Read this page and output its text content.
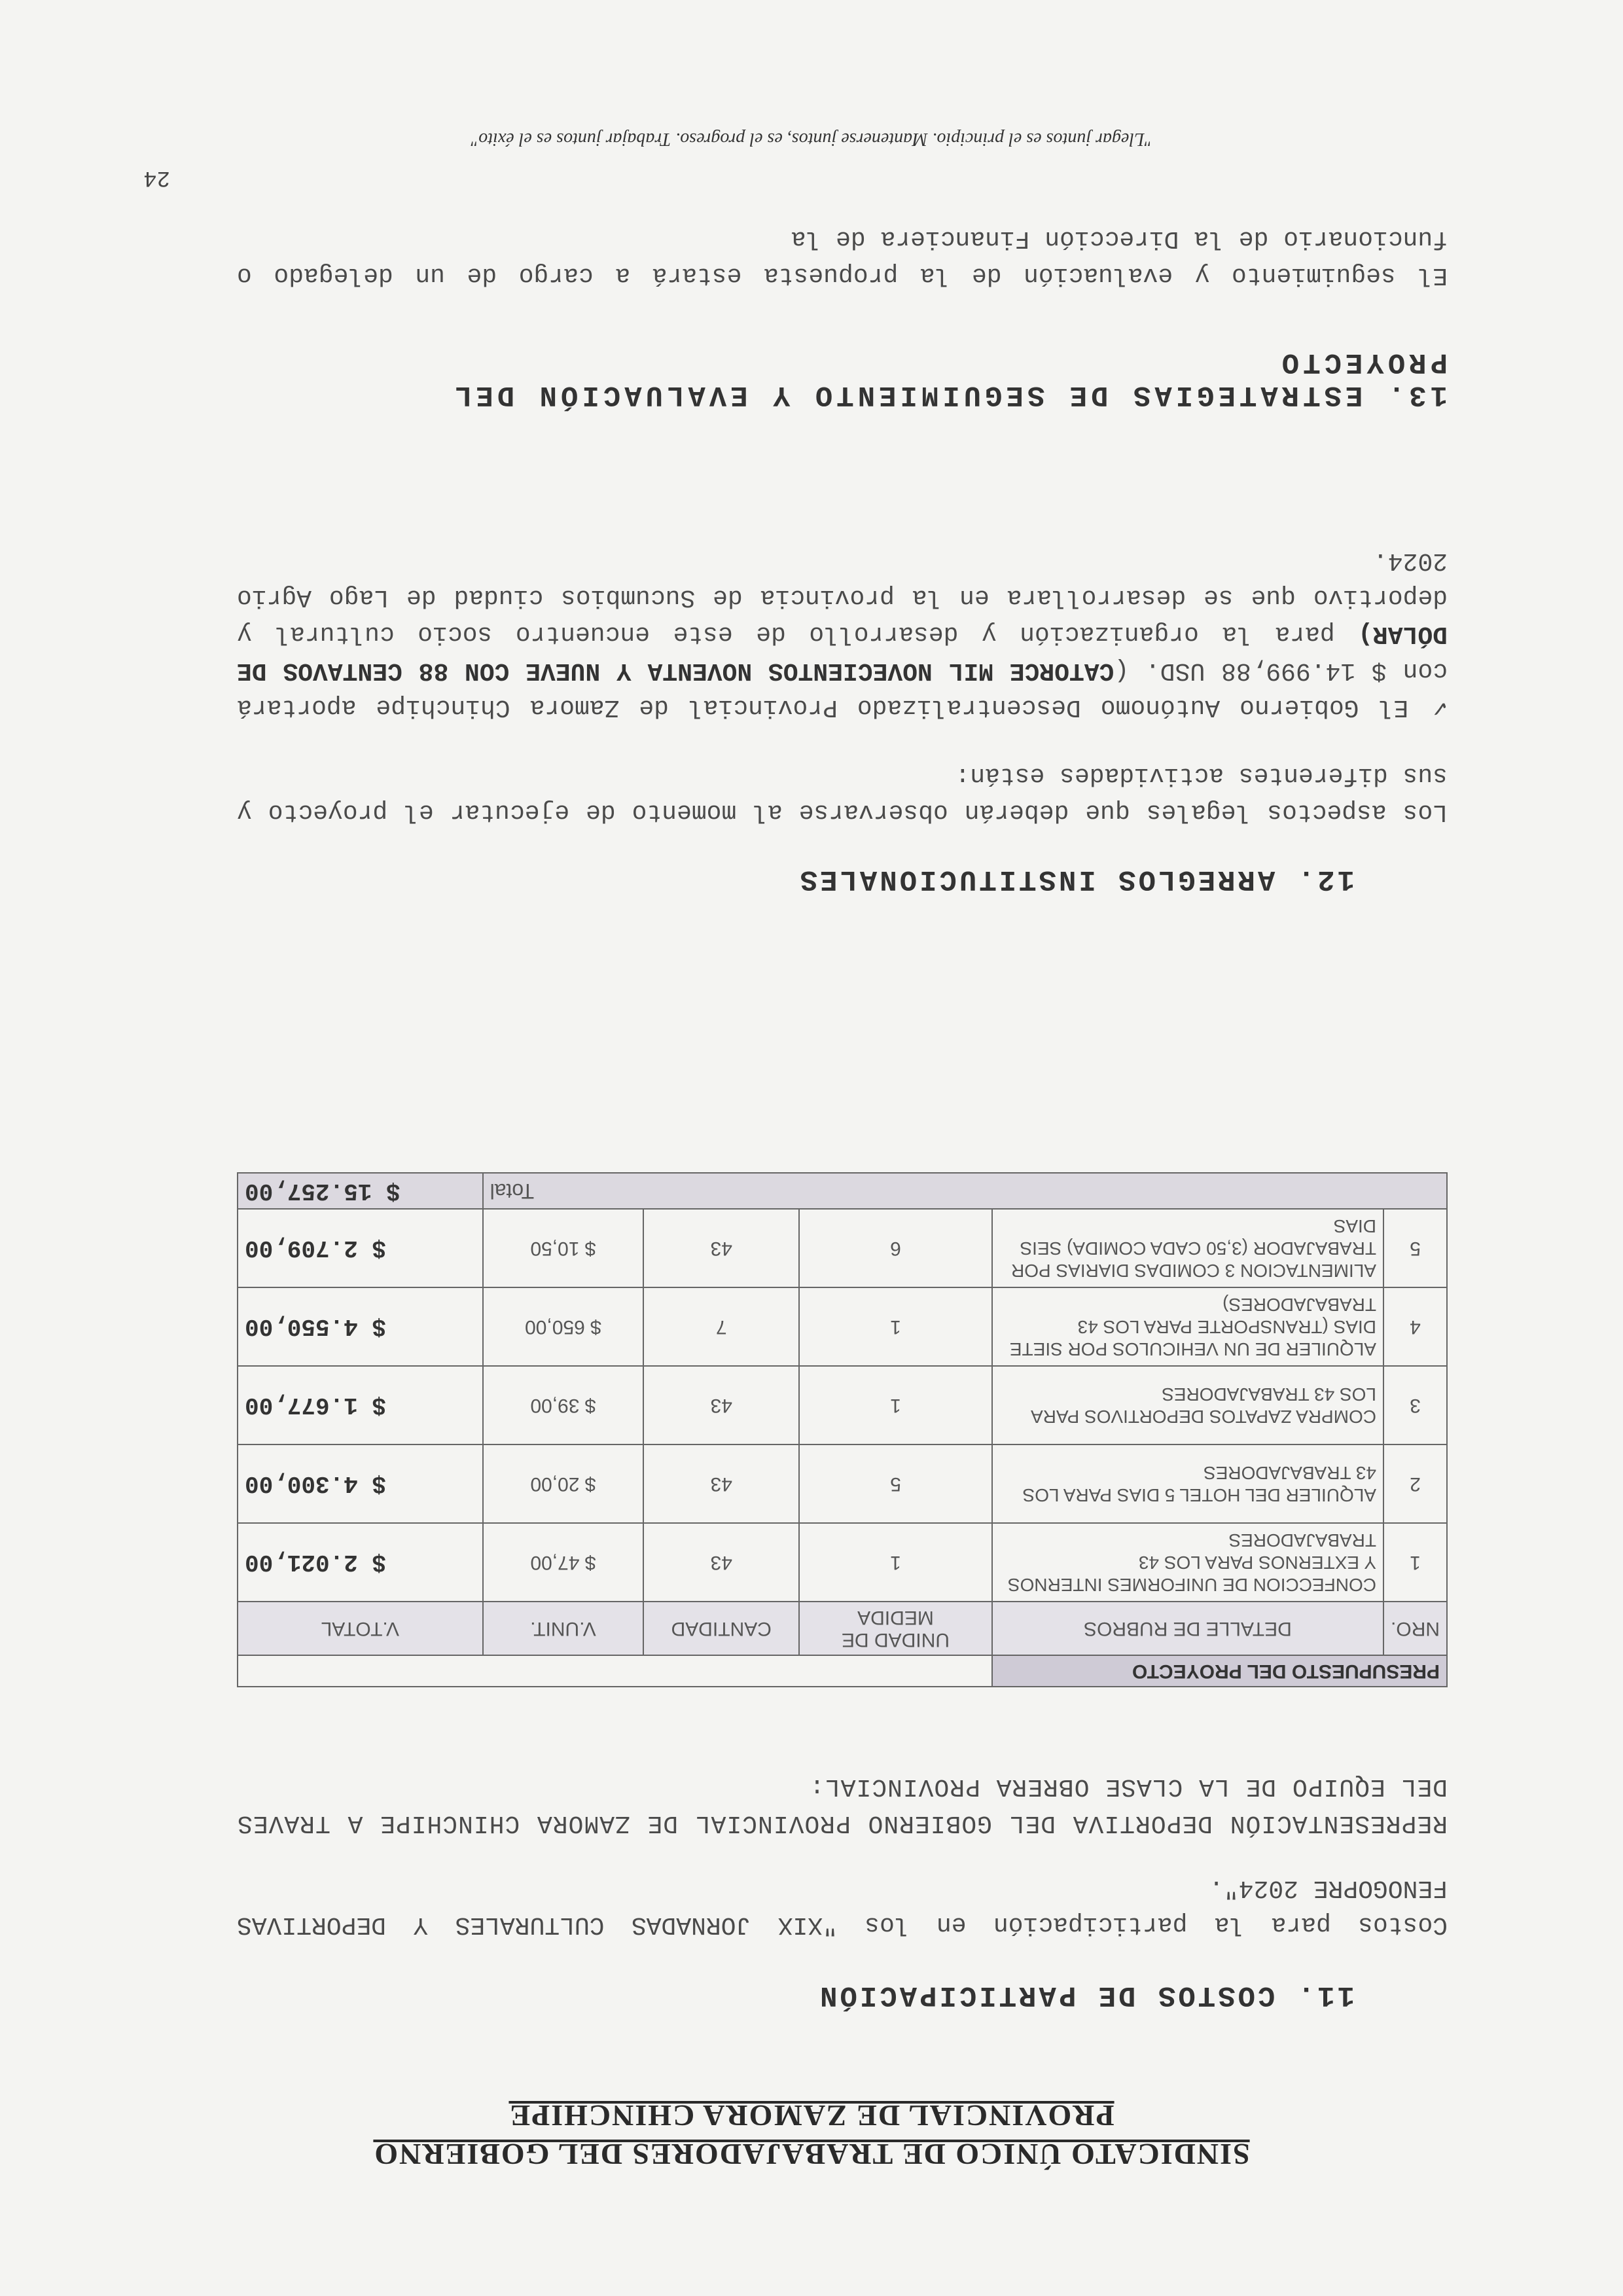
SINDICATO ÚNICO DE TRABAJADORES DEL GOBIERNO
PROVINCIAL DE ZAMORA CHINCHIPE
11. COSTOS DE PARTICIPACIÓN
Costos para la participación en los "XIX JORNADAS CULTURALES Y DEPORTIVAS FENOGOPRE 2024".
REPRESENTACIÓN DEPORTIVA DEL GOBIERNO PROVINCIAL DE ZAMORA CHINCHIPE A TRAVES DEL EQUIPO DE LA CLASE OBRERA PROVINCIAL:
PRESUPUESTO DEL PROYECTO					
NRO.	DETALLE DE RUBROS	UNIDAD DE MEDIDA	CANTIDAD	V.UNIT.	V.TOTAL
1	CONFECCION DE UNIFORMES INTERNOS Y EXTERNOS PARA LOS 43 TRABAJADORES	1	43	$ 47,00	$ 2.021,00
2	ALQUILER DEL HOTEL 5 DIAS PARA LOS 43 TRABAJADORES	5	43	$ 20,00	$ 4.300,00
3	COMPRA ZAPATOS DEPORTIVOS PARA LOS 43 TRABAJADORES	1	43	$ 39,00	$ 1.677,00
4	ALQUILER DE UN VEHICULOS POR SIETE DIAS (TRANSPORTE PARA LOS 43 TRABAJADORES)	1	7	$ 650,00	$ 4.550,00
5	ALIMENTACION 3 COMIDAS DIARIAS POR TRABAJADOR (3,50 CADA COMIDA) SEIS DIAS	6	43	$ 10,50	$ 2.709,00
Total					$ 15.257,00
12. ARREGLOS INSTITUCIONALES
Los aspectos legales que deberán observarse al momento de ejecutar el proyecto y sus diferentes actividades están:
✓ El Gobierno Autónomo Descentralizado Provincial de Zamora Chinchipe aportará con $ 14.999,88 USD. (CATORCE MIL NOVECIENTOS NOVENTA Y NUEVE CON 88 CENTAVOS DE DÓLAR) para la organización y desarrollo de este encuentro socio cultural y deportivo que se desarrollara en la provincia de Sucumbios ciudad de Lago Agrio 2024.
13. ESTRATEGIAS DE SEGUIMIENTO Y EVALUACIÓN DEL
PROYECTO
El seguimiento y evaluación de la propuesta estará a cargo de un delegado o funcionario de la Dirección Financiera de la
24
"Llegar juntos es el principio. Mantenerse juntos, es el progreso. Trabajar juntos es el éxito"
